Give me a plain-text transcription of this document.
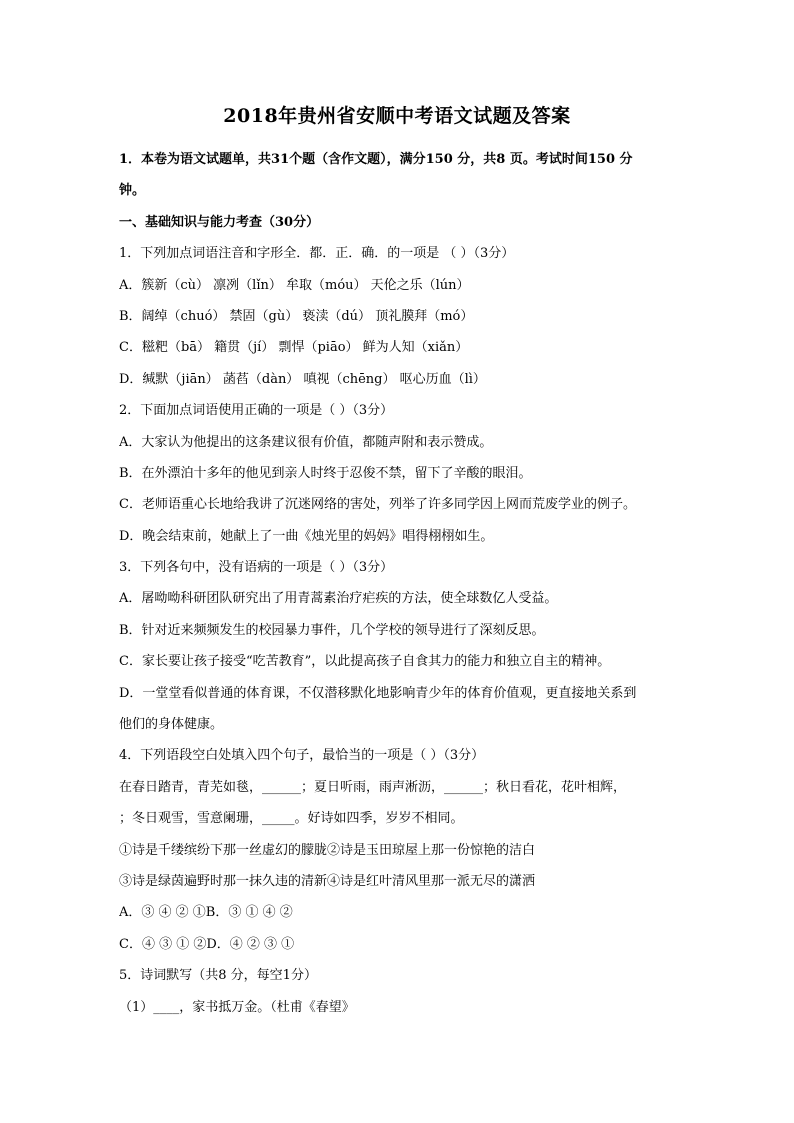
2018年贵州省安顺中考语文试题及答案
1．本卷为语文试题单，共31个题（含作文题），满分150 分，共8 页。考试时间150 分
钟。
一、基础知识与能力考查（30分）
1．下列加点词语注音和字形全．都．正．确．的一项是 （ ）（3分）
A．簇新（cù） 凛冽（lǐn） 牟取（móu） 天伦之乐（lún）
B．阔绰（chuó） 禁固（gù） 亵渎（dú） 顶礼膜拜（mó）
C．糍粑（bā） 籍贯（jí） 剽悍（piāo） 鲜为人知（xiǎn）
D．缄默（jiān） 菡萏（dàn） 嗔视（chēng） 呕心历血（lì）
2．下面加点词语使用正确的一项是（ ）（3分）
A．大家认为他提出的这条建议很有价值，都随声附和表示赞成。
B．在外漂泊十多年的他见到亲人时终于忍俊不禁，留下了辛酸的眼泪。
C．老师语重心长地给我讲了沉迷网络的害处，列举了许多同学因上网而荒废学业的例子。
D．晚会结束前，她献上了一曲《烛光里的妈妈》唱得栩栩如生。
3．下列各句中，没有语病的一项是（ ）（3分）
A．屠呦呦科研团队研究出了用青蒿素治疗疟疾的方法，使全球数亿人受益。
B．针对近来频频发生的校园暴力事件，几个学校的领导进行了深刻反思。
C．家长要让孩子接受“吃苦教育”，以此提高孩子自食其力的能力和独立自主的精神。
D．一堂堂看似普通的体育课，不仅潜移默化地影响青少年的体育价值观，更直接地关系到
他们的身体健康。
4．下列语段空白处填入四个句子，最恰当的一项是（ ）（3分）
在春日踏青，青芜如毯，______；夏日听雨，雨声淅沥，______；秋日看花，花叶相辉，
；冬日观雪，雪意阑珊，_____。好诗如四季，岁岁不相同。
①诗是千缕缤纷下那一丝虚幻的朦胧②诗是玉田琼屋上那一份惊艳的洁白
③诗是绿茵遍野时那一抹久违的清新④诗是红叶清风里那一派无尽的潇洒
A．③ ④ ② ①B．③ ① ④ ②
C．④ ③ ① ②D．④ ② ③ ①
5．诗词默写（共8 分，每空1分）
（1）____，家书抵万金。（杜甫《春望》
